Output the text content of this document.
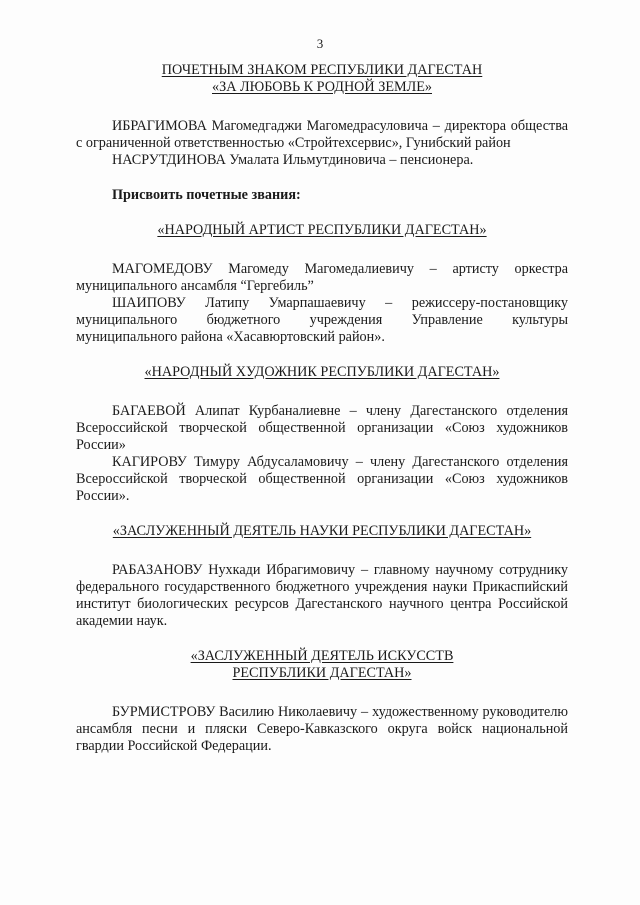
3

ПОЧЕТНЫМ ЗНАКОМ РЕСПУБЛИКИ ДАГЕСТАН
«ЗА ЛЮБОВЬ К РОДНОЙ ЗЕМЛЕ»

ИБРАГИМОВА Магомедгаджи Магомедрасуловича – директора общества с ограниченной ответственностью «Стройтехсервис», Гунибский район

НАСРУТДИНОВА Умалата Ильмутдиновича – пенсионера.

Присвоить почетные звания:

«НАРОДНЫЙ АРТИСТ РЕСПУБЛИКИ ДАГЕСТАН»

МАГОМЕДОВУ Магомеду Магомедалиевичу – артисту оркестра муниципального ансамбля “Гергебиль”

ШАИПОВУ Латипу Умарпашаевичу – режиссеру-постановщику муниципального бюджетного учреждения Управление культуры муниципального района «Хасавюртовский район».

«НАРОДНЫЙ ХУДОЖНИК РЕСПУБЛИКИ ДАГЕСТАН»

БАГАЕВОЙ Алипат Курбаналиевне – члену Дагестанского отделения Всероссийской творческой общественной организации «Союз художников России»

КАГИРОВУ Тимуру Абдусаламовичу – члену Дагестанского отделения Всероссийской творческой общественной организации «Союз художников России».

«ЗАСЛУЖЕННЫЙ ДЕЯТЕЛЬ НАУКИ РЕСПУБЛИКИ ДАГЕСТАН»

РАБАЗАНОВУ Нухкади Ибрагимовичу – главному научному сотруднику федерального государственного бюджетного учреждения науки Прикаспийский институт биологических ресурсов Дагестанского научного центра Российской академии наук.

«ЗАСЛУЖЕННЫЙ ДЕЯТЕЛЬ ИСКУССТВ
РЕСПУБЛИКИ ДАГЕСТАН»

БУРМИСТРОВУ Василию Николаевичу – художественному руководителю ансамбля песни и пляски Северо-Кавказского округа войск национальной гвардии Российской Федерации.
